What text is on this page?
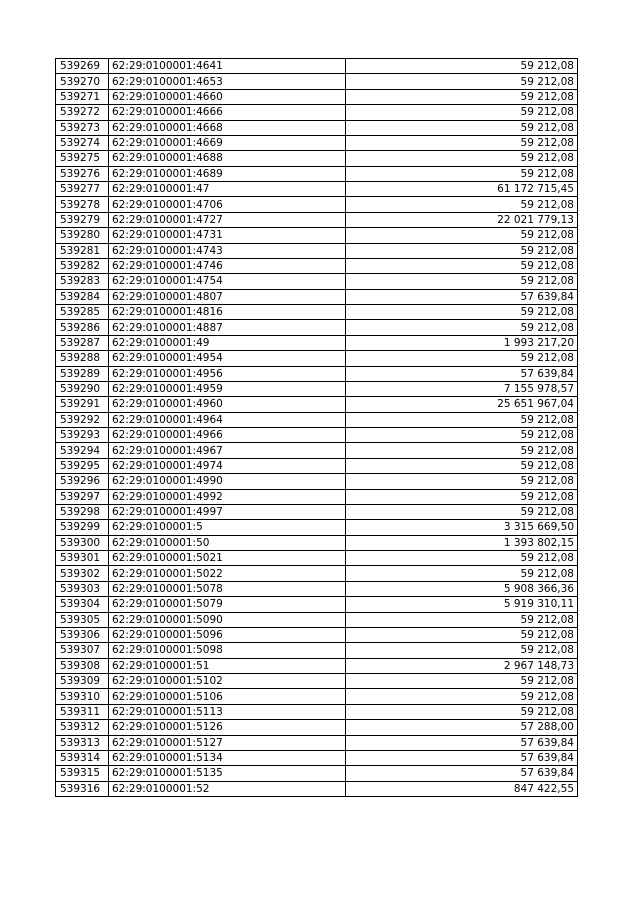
539269	62:29:0100001:4641	59 212,08
539270	62:29:0100001:4653	59 212,08
539271	62:29:0100001:4660	59 212,08
539272	62:29:0100001:4666	59 212,08
539273	62:29:0100001:4668	59 212,08
539274	62:29:0100001:4669	59 212,08
539275	62:29:0100001:4688	59 212,08
539276	62:29:0100001:4689	59 212,08
539277	62:29:0100001:47	61 172 715,45
539278	62:29:0100001:4706	59 212,08
539279	62:29:0100001:4727	22 021 779,13
539280	62:29:0100001:4731	59 212,08
539281	62:29:0100001:4743	59 212,08
539282	62:29:0100001:4746	59 212,08
539283	62:29:0100001:4754	59 212,08
539284	62:29:0100001:4807	57 639,84
539285	62:29:0100001:4816	59 212,08
539286	62:29:0100001:4887	59 212,08
539287	62:29:0100001:49	1 993 217,20
539288	62:29:0100001:4954	59 212,08
539289	62:29:0100001:4956	57 639,84
539290	62:29:0100001:4959	7 155 978,57
539291	62:29:0100001:4960	25 651 967,04
539292	62:29:0100001:4964	59 212,08
539293	62:29:0100001:4966	59 212,08
539294	62:29:0100001:4967	59 212,08
539295	62:29:0100001:4974	59 212,08
539296	62:29:0100001:4990	59 212,08
539297	62:29:0100001:4992	59 212,08
539298	62:29:0100001:4997	59 212,08
539299	62:29:0100001:5	3 315 669,50
539300	62:29:0100001:50	1 393 802,15
539301	62:29:0100001:5021	59 212,08
539302	62:29:0100001:5022	59 212,08
539303	62:29:0100001:5078	5 908 366,36
539304	62:29:0100001:5079	5 919 310,11
539305	62:29:0100001:5090	59 212,08
539306	62:29:0100001:5096	59 212,08
539307	62:29:0100001:5098	59 212,08
539308	62:29:0100001:51	2 967 148,73
539309	62:29:0100001:5102	59 212,08
539310	62:29:0100001:5106	59 212,08
539311	62:29:0100001:5113	59 212,08
539312	62:29:0100001:5126	57 288,00
539313	62:29:0100001:5127	57 639,84
539314	62:29:0100001:5134	57 639,84
539315	62:29:0100001:5135	57 639,84
539316	62:29:0100001:52	847 422,55
